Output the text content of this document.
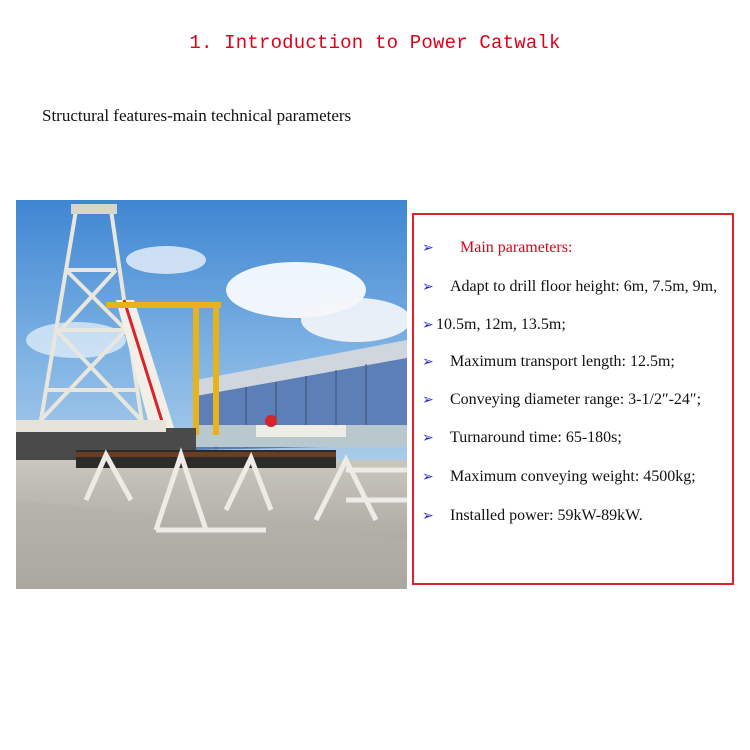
1. Introduction to Power Catwalk
Structural features-main technical parameters
➢ Main parameters:
➢ Adapt to drill floor height: 6m, 7.5m, 9m,
➢ 10.5m, 12m, 13.5m;
➢ Maximum transport length: 12.5m;
➢ Conveying diameter range: 3-1/2″-24″;
➢ Turnaround time: 65-180s;
➢ Maximum conveying weight: 4500kg;
➢ Installed power: 59kW-89kW.
